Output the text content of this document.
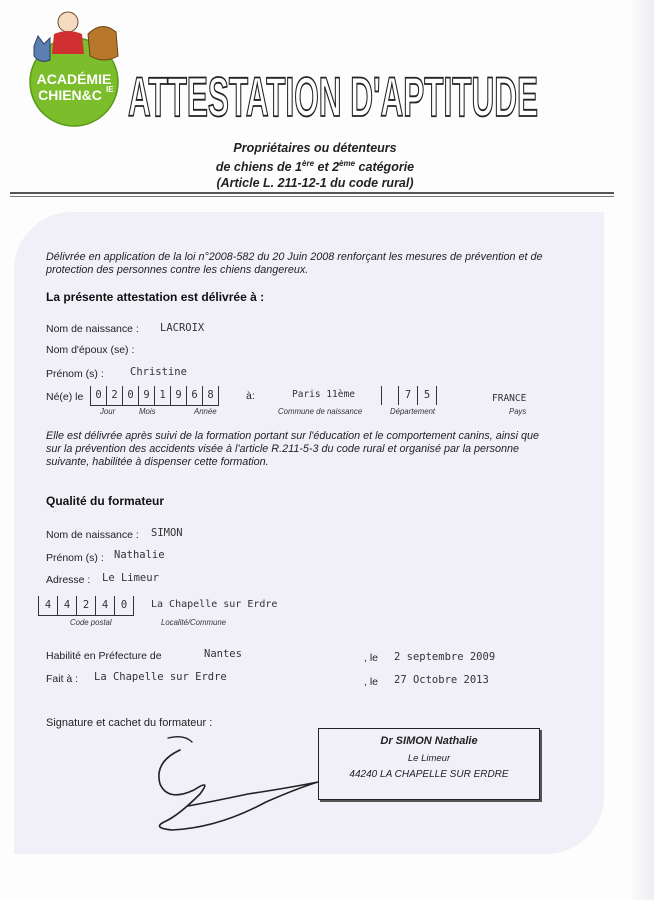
ACADÉMIE
CHIEN&C IE ATTESTATION D'APTITUDE
Propriétaires ou détenteurs
de chiens de 1ère et 2ème catégorie
(Article L. 211-12-1 du code rural)
Délivrée en application de la loi n°2008-582 du 20 Juin 2008 renforçant les mesures de prévention et de
protection des personnes contre les chiens dangereux.
La présente attestation est délivrée à :
Nom de naissance : LACROIX
Nom d'époux (se) :
Prénom (s) : Christine
Né(e) le	0 2 0 9 1 9 6 8	à:
Jour	Mois	Année
Paris 11ème
Commune de naissance
7	5
Département
FRANCE
Pays
Elle est délivrée après suivi de la formation portant sur l'éducation et le comportement canins, ainsi que
sur la prévention des accidents visée à l'article R.211-5-3 du code rural et organisé par la personne
suivante, habilitée à dispenser cette formation.
Qualité du formateur
Nom de naissance : SIMON
Prénom (s) : Nathalie
Adresse : Le Limeur
4	4	2	4	0
Code postal
La Chapelle sur Erdre
Localité/Commune
Habilité en Préfecture de	Nantes	, le 2 septembre 2009
Fait à : La Chapelle sur Erdre	, le 27 Octobre 2013
Signature et cachet du formateur :
Dr SIMON Nathalie
Le Limeur
44240 LA CHAPELLE SUR ERDRE
